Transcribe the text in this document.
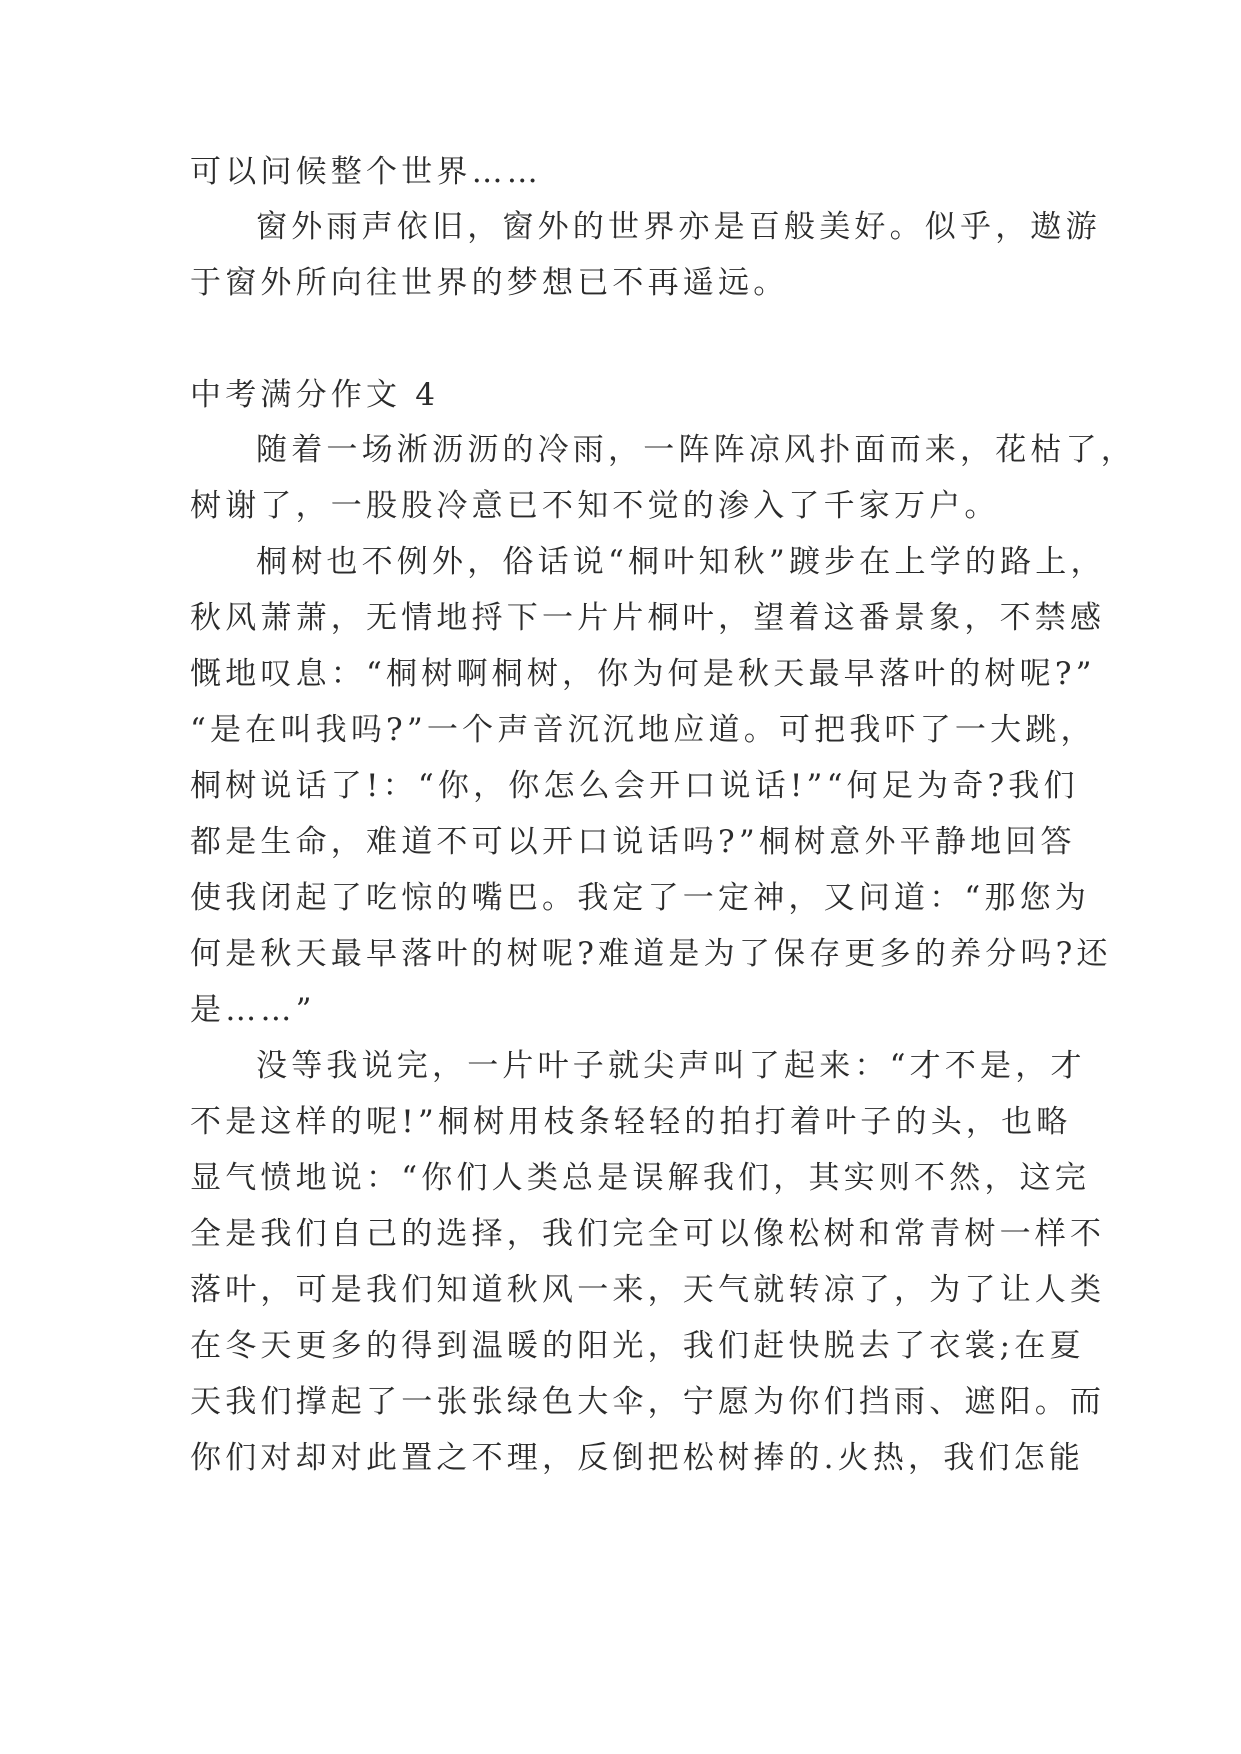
可以问候整个世界……

窗外雨声依旧，窗外的世界亦是百般美好。似乎，遨游

于窗外所向往世界的梦想已不再遥远。

中考满分作文 4

随着一场淅沥沥的冷雨，一阵阵凉风扑面而来，花枯了，

树谢了，一股股冷意已不知不觉的渗入了千家万户。

桐树也不例外，俗话说“桐叶知秋”踱步在上学的路上，

秋风萧萧，无情地捋下一片片桐叶，望着这番景象，不禁感

慨地叹息：“桐树啊桐树，你为何是秋天最早落叶的树呢?”

“是在叫我吗?”一个声音沉沉地应道。可把我吓了一大跳，

桐树说话了!：“你，你怎么会开口说话!”“何足为奇?我们

都是生命，难道不可以开口说话吗?”桐树意外平静地回答

使我闭起了吃惊的嘴巴。我定了一定神，又问道：“那您为

何是秋天最早落叶的树呢?难道是为了保存更多的养分吗?还

是……”

没等我说完，一片叶子就尖声叫了起来：“才不是，才

不是这样的呢!”桐树用枝条轻轻的拍打着叶子的头，也略

显气愤地说：“你们人类总是误解我们，其实则不然，这完

全是我们自己的选择，我们完全可以像松树和常青树一样不

落叶，可是我们知道秋风一来，天气就转凉了，为了让人类

在冬天更多的得到温暖的阳光，我们赶快脱去了衣裳;在夏

天我们撑起了一张张绿色大伞，宁愿为你们挡雨、遮阳。而

你们对却对此置之不理，反倒把松树捧的.火热，我们怎能
